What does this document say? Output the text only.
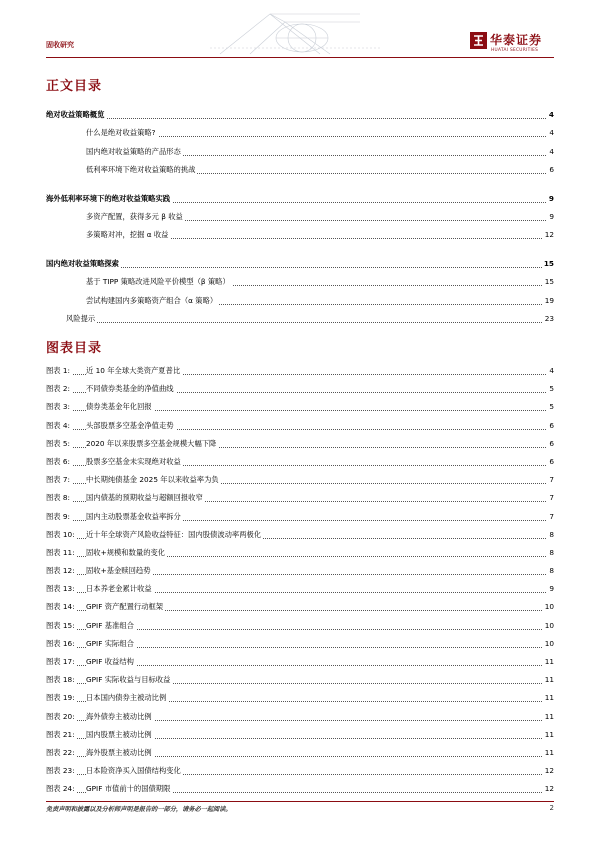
固收研究	华泰证券
HUATAI SECURITIES
正文目录
绝对收益策略概览	4
什么是绝对收益策略?	4
国内绝对收益策略的产品形态	4
低利率环境下绝对收益策略的挑战	6
海外低利率环境下的绝对收益策略实践	9
多资产配置，获得多元 β 收益	9
多策略对冲，挖掘 α 收益	12
国内绝对收益策略探索	15
基于 TIPP 策略改进风险平价模型（β 策略）	15
尝试构建国内多策略资产组合（α 策略）	19
风险提示	23
图表目录
图表 1: 近 10 年全球大类资产夏普比	4
图表 2: 不同债券类基金的净值曲线	5
图表 3: 债券类基金年化回报	5
图表 4: 头部股票多空基金净值走势	6
图表 5: 2020 年以来股票多空基金规模大幅下降	6
图表 6: 股票多空基金未实现绝对收益	6
图表 7: 中长期纯债基金 2025 年以来收益率为负	7
图表 8: 国内债基的预期收益与超额回报收窄	7
图表 9: 国内主动股票基金收益率拆分	7
图表 10: 近十年全球资产风险收益特征：国内股债波动率两极化	8
图表 11: 固收+规模和数量的变化	8
图表 12: 固收+基金赎回趋势	8
图表 13: 日本养老金累计收益	9
图表 14: GPIF 资产配置行动框架	10
图表 15: GPIF 基准组合	10
图表 16: GPIF 实际组合	10
图表 17: GPIF 收益结构	11
图表 18: GPIF 实际收益与目标收益	11
图表 19: 日本国内债券主被动比例	11
图表 20: 海外债券主被动比例	11
图表 21: 国内股票主被动比例	11
图表 22: 海外股票主被动比例	11
图表 23: 日本险资净买入国债结构变化	12
图表 24: GPIF 市值前十的国债期限	12
免责声明和披露以及分析师声明是报告的一部分，请务必一起阅读。	2
